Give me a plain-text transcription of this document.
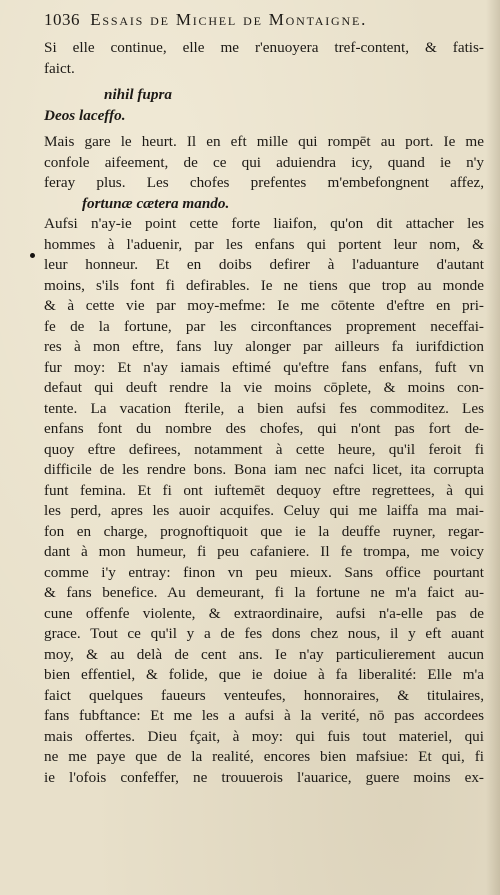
1036 Essais de Michel de Montaigne.
Si elle continue, elle me r'enuoyera tref-content, & fatis-
faict.
nihil fupra
Deos laceffo.
Mais gare le heurt. Il en eft mille qui rompēt au port. Ie me
confole aifeement, de ce qui aduiendra icy, quand ie n'y
feray plus. Les chofes prefentes m'embefongnent affez,
fortunæ cætera mando.
Aufsi n'ay-ie point cette forte liaifon, qu'on dit attacher les
hommes à l'aduenir, par les enfans qui portent leur nom, &
leur honneur. Et en doibs defirer à l'aduanture d'autant
moins, s'ils font fi defirables. Ie ne tiens que trop au monde
& à cette vie par moy-mefme: Ie me cōtente d'eftre en pri-
fe de la fortune, par les circonftances proprement neceffai-
res à mon eftre, fans luy alonger par ailleurs fa iurifdiction
fur moy: Et n'ay iamais eftimé qu'eftre fans enfans, fuft vn
defaut qui deuft rendre la vie moins cōplete, & moins con-
tente. La vacation fterile, a bien aufsi fes commoditez. Les
enfans font du nombre des chofes, qui n'ont pas fort de-
quoy eftre defirees, notamment à cette heure, qu'il feroit fi
difficile de les rendre bons. Bona iam nec nafci licet, ita corrupta
funt femina. Et fi ont iuftemēt dequoy eftre regrettees, à qui
les perd, apres les auoir acquifes. Celuy qui me laiffa ma mai-
fon en charge, prognoftiquoit que ie la deuffe ruyner, regar-
dant à mon humeur, fi peu cafaniere. Il fe trompa, me voicy
comme i'y entray: finon vn peu mieux. Sans office pourtant
& fans benefice. Au demeurant, fi la fortune ne m'a faict au-
cune offenfe violente, & extraordinaire, aufsi n'a-elle pas de
grace. Tout ce qu'il y a de fes dons chez nous, il y eft auant
moy, & au delà de cent ans. Ie n'ay particulierement aucun
bien effentiel, & folide, que ie doiue à fa liberalité: Elle m'a
faict quelques faueurs venteufes, honnoraires, & titulaires,
fans fubftance: Et me les a aufsi à la verité, nō pas accordees
mais offertes. Dieu fçait, à moy: qui fuis tout materiel, qui
ne me paye que de la realité, encores bien mafsiue: Et qui, fi
ie l'ofois confeffer, ne trouuerois l'auarice, guere moins ex-
